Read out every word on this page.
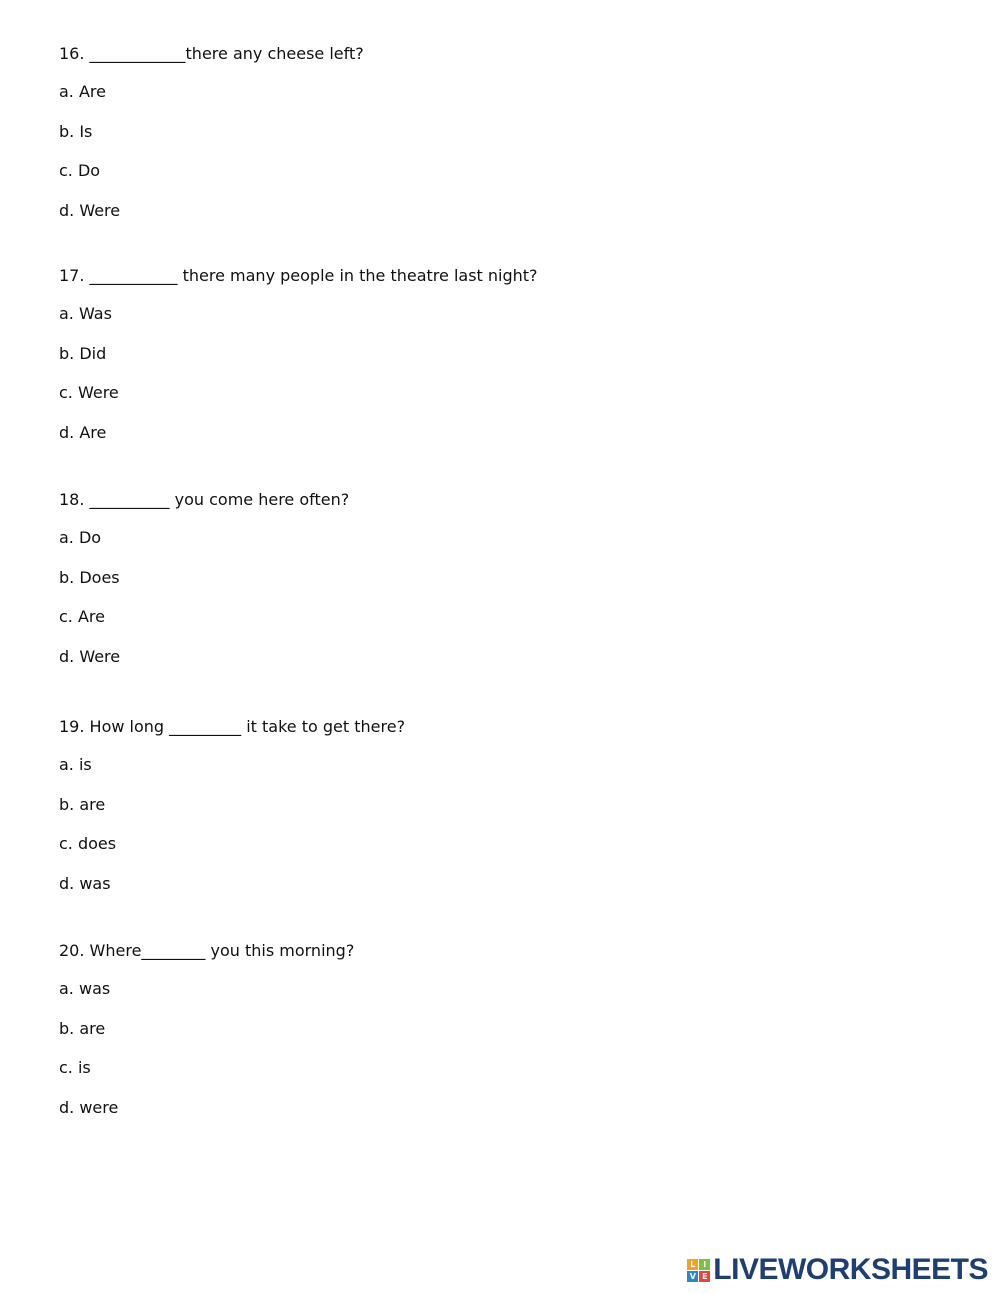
16. ____________there any cheese left?
a. Are
b. Is
c. Do
d. Were
17. ___________ there many people in the theatre last night?
a. Was
b. Did
c. Were
d. Are
18. __________ you come here often?
a. Do
b. Does
c. Are
d. Were
19. How long _________ it take to get there?
a. is
b. are
c. does
d. was
20. Where________ you this morning?
a. was
b. are
c. is
d. were
L I
V E LIVEWORKSHEETS
